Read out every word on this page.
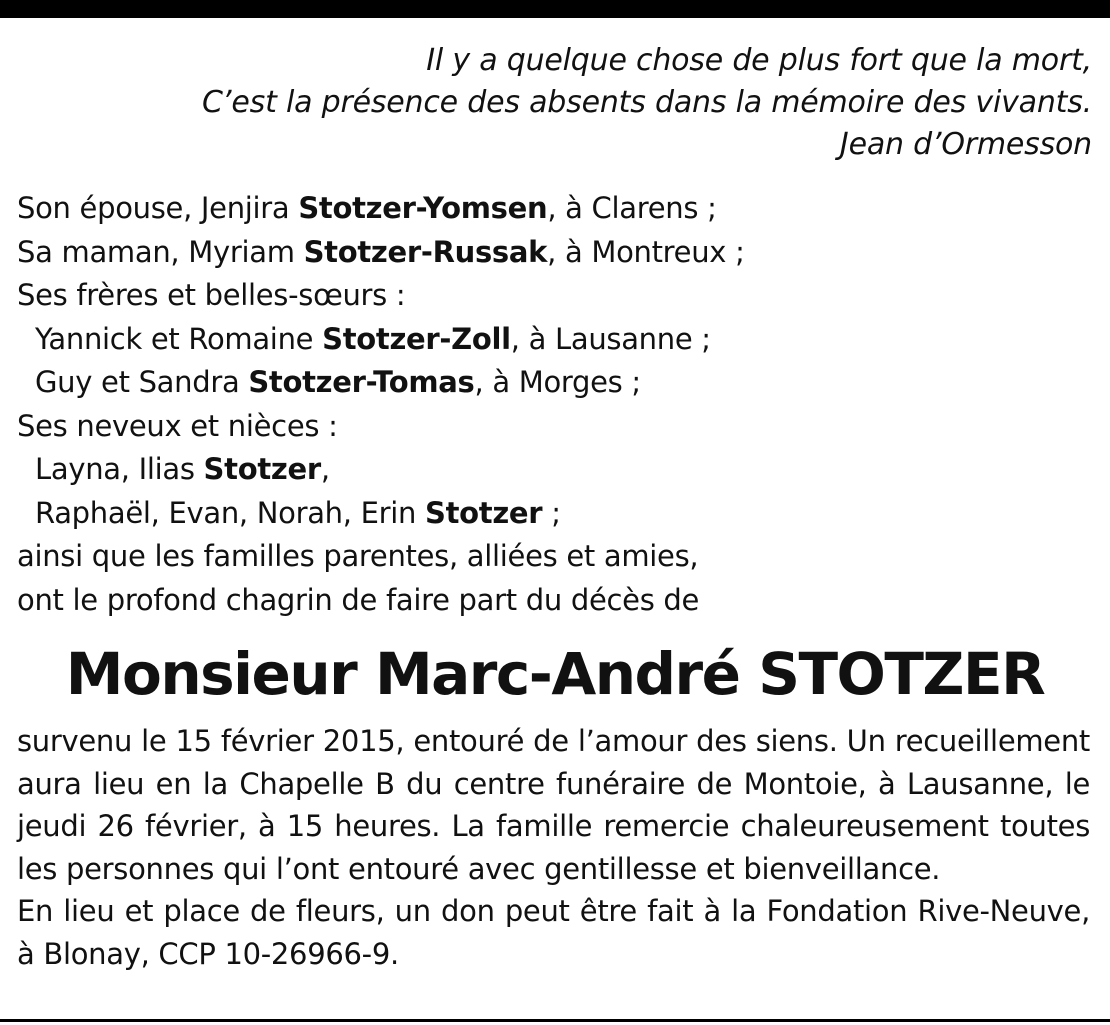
Il y a quelque chose de plus fort que la mort,
C’est la présence des absents dans la mémoire des vivants.
Jean d’Ormesson
Son épouse, Jenjira Stotzer-Yomsen, à Clarens ;
Sa maman, Myriam Stotzer-Russak, à Montreux ;
Ses frères et belles-sœurs :
Yannick et Romaine Stotzer-Zoll, à Lausanne ;
Guy et Sandra Stotzer-Tomas, à Morges ;
Ses neveux et nièces :
Layna, Ilias Stotzer,
Raphaël, Evan, Norah, Erin Stotzer ;
ainsi que les familles parentes, alliées et amies,
ont le profond chagrin de faire part du décès de
Monsieur Marc-André STOTZER
survenu le 15 février 2015, entouré de l’amour des siens. Un recueillement aura lieu en la Chapelle B du centre funéraire de Montoie, à Lausanne, le jeudi 26 février, à 15 heures. La famille remercie chaleureusement toutes les personnes qui l’ont entouré avec gentillesse et bienveillance.
En lieu et place de fleurs, un don peut être fait à la Fondation Rive-Neuve, à Blonay, CCP 10-26966-9.
